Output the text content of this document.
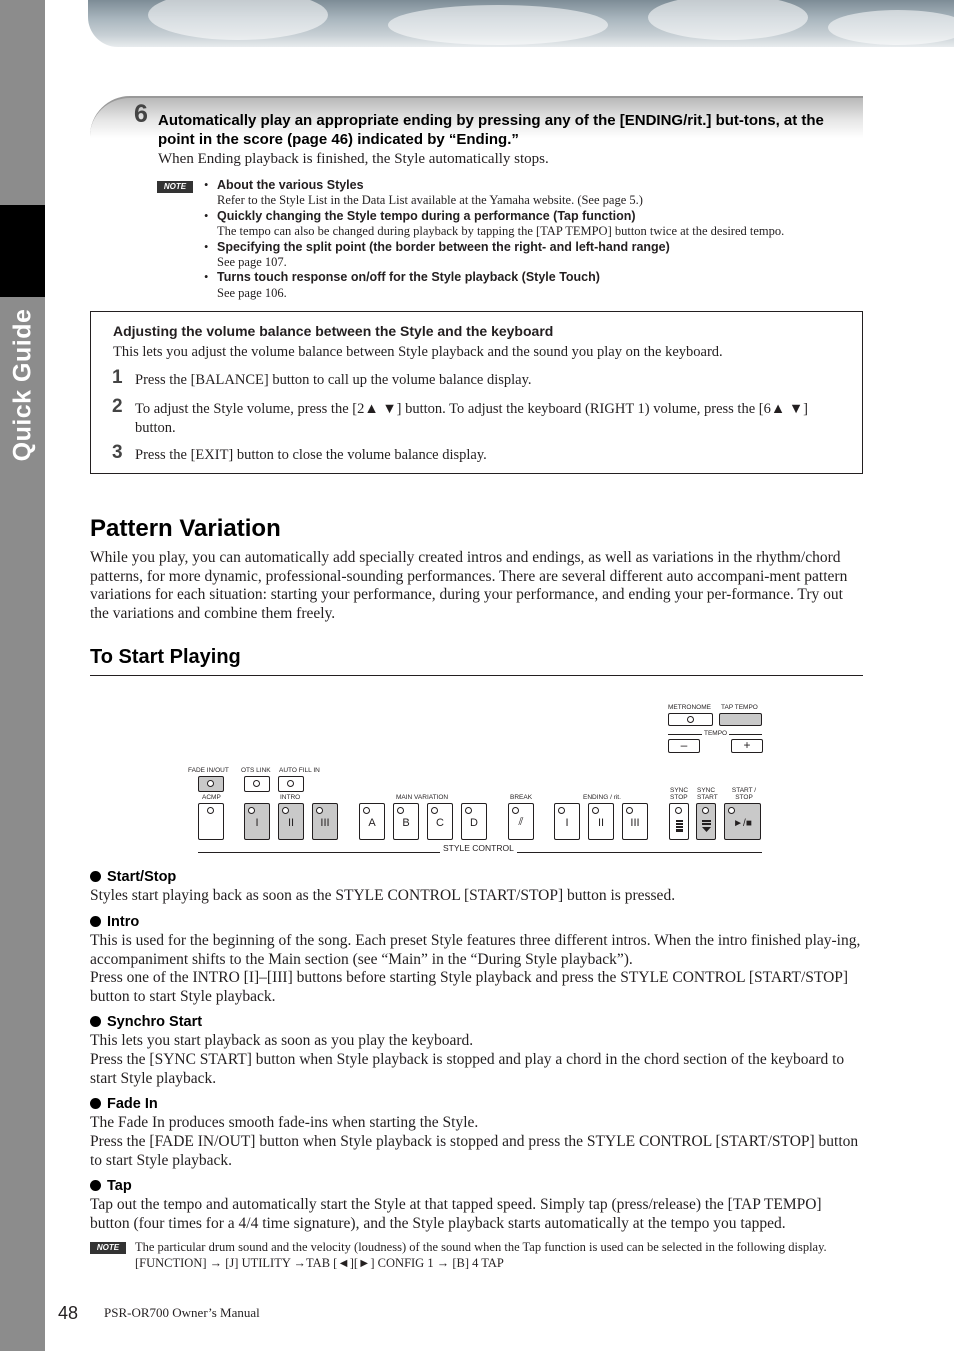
Quick Guide
6 Automatically play an appropriate ending by pressing any of the [ENDING/rit.] but-tons, at the point in the score (page 46) indicated by “Ending.”
When Ending playback is finished, the Style automatically stops.
NOTE
•	About the various Styles
Refer to the Style List in the Data List available at the Yamaha website. (See page 5.)
• Quickly changing the Style tempo during a performance (Tap function)
The tempo can also be changed during playback by tapping the [TAP TEMPO] button twice at the desired tempo.
• Specifying the split point (the border between the right- and left-hand range)
See page 107.
• Turns touch response on/off for the Style playback (Style Touch)
See page 106.
Adjusting the volume balance between the Style and the keyboard
This lets you adjust the volume balance between Style playback and the sound you play on the keyboard.
1 Press the [BALANCE] button to call up the volume balance display.
2 To adjust the Style volume, press the [2▲ ▼] button. To adjust the keyboard (RIGHT 1) volume, press the [6▲ ▼] button.
3 Press the [EXIT] button to close the volume balance display.
Pattern Variation
While you play, you can automatically add specially created intros and endings, as well as variations in the rhythm/chord patterns, for more dynamic, professional-sounding performances. There are several different auto accompani-ment pattern variations for each situation: starting your performance, during your performance, and ending your per-formance. Try out the variations and combine them freely.
To Start Playing
METRONOME TAP TEMPO
TEMPO
–	+
FADE IN/OUT OTS LINK AUTO FILL IN
ACMP	INTRO	MAIN VARIATION	BREAK	ENDING / rit.
SYNC STOP
SYNC START
START / STOP
I	II	III	A	B	C	D	⫽	I	II	III	►/■
STYLE CONTROL
Start/Stop
Styles start playing back as soon as the STYLE CONTROL [START/STOP] button is pressed.
Intro
This is used for the beginning of the song. Each preset Style features three different intros. When the intro finished play-ing, accompaniment shifts to the Main section (see “Main” in the “During Style playback”).
Press one of the INTRO [I]–[III] buttons before starting Style playback and press the STYLE CONTROL [START/STOP] button to start Style playback.
Synchro Start
This lets you start playback as soon as you play the keyboard.
Press the [SYNC START] button when Style playback is stopped and play a chord in the chord section of the keyboard to start Style playback.
Fade In
The Fade In produces smooth fade-ins when starting the Style.
Press the [FADE IN/OUT] button when Style playback is stopped and press the STYLE CONTROL [START/STOP] button to start Style playback.
Tap
Tap out the tempo and automatically start the Style at that tapped speed. Simply tap (press/release) the [TAP TEMPO] button (four times for a 4/4 time signature), and the Style playback starts automatically at the tempo you tapped.
NOTE	The particular drum sound and the velocity (loudness) of the sound when the Tap function is used can be selected in the following display.
[FUNCTION] → [J] UTILITY →TAB [◄][►] CONFIG 1 → [B] 4 TAP
48 PSR-OR700 Owner’s Manual
